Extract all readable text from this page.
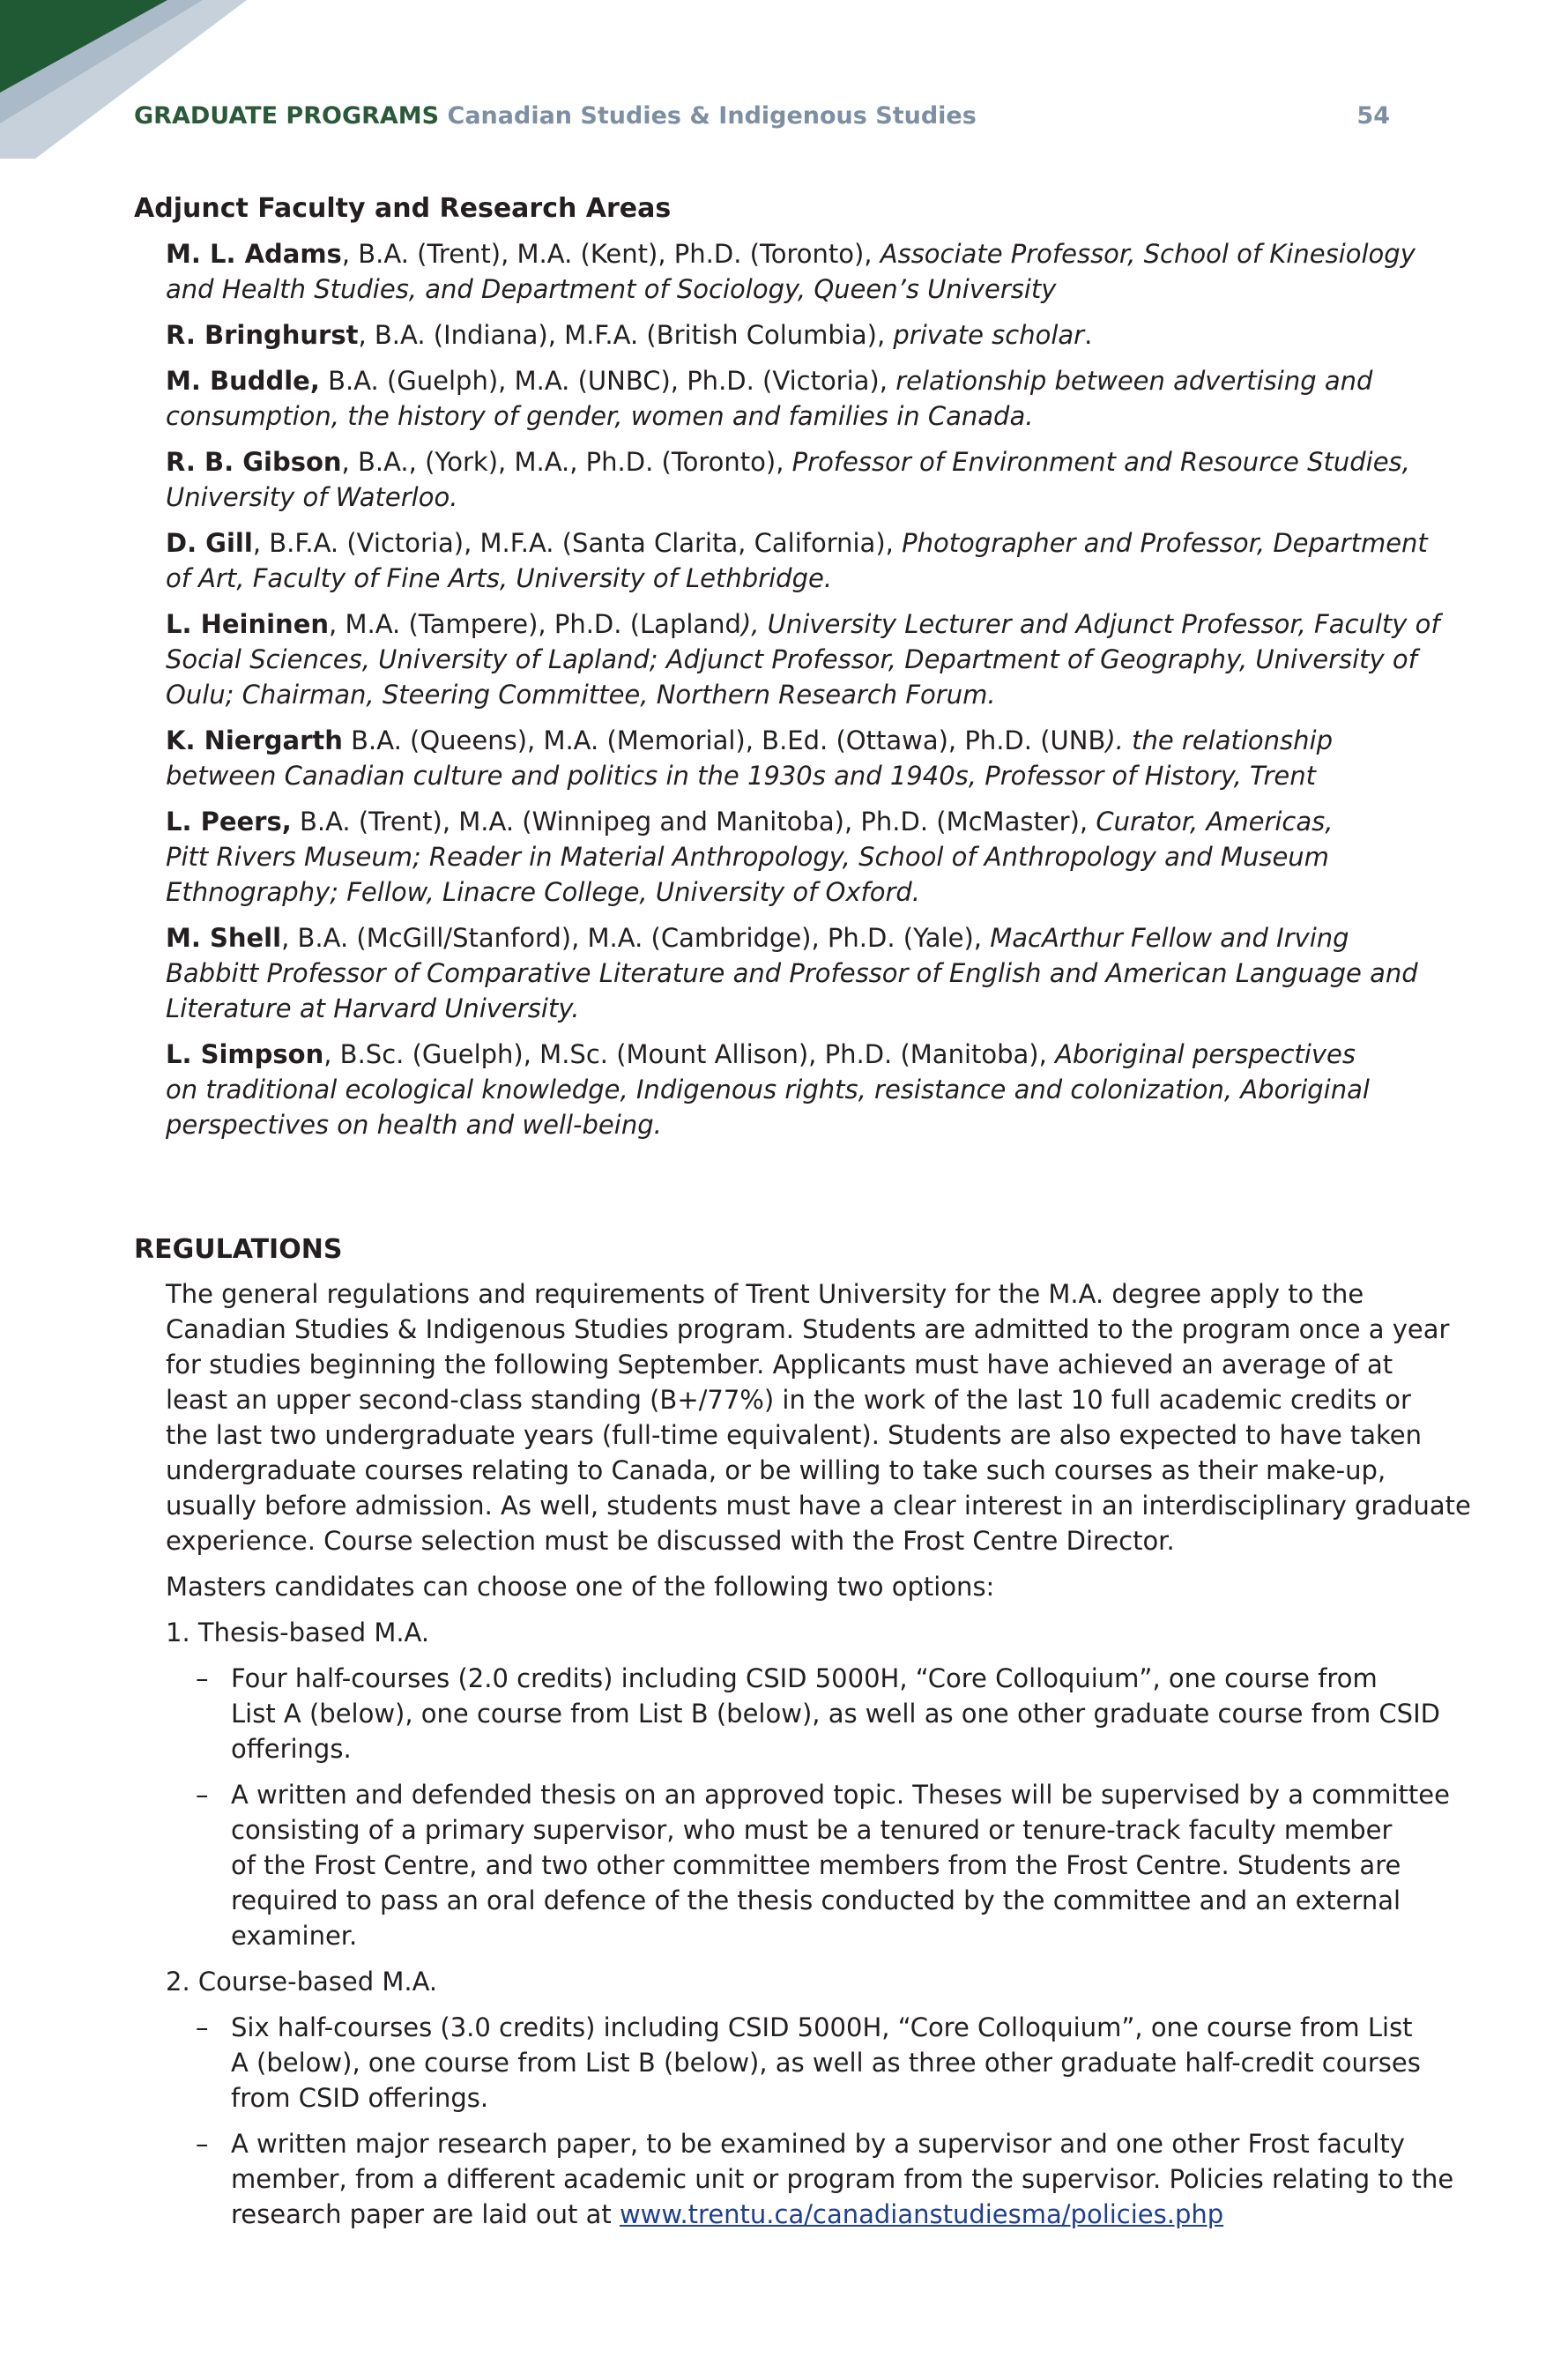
GRADUATE PROGRAMS Canadian Studies & Indigenous Studies	54
Adjunct Faculty and Research Areas
M. L. Adams, B.A. (Trent), M.A. (Kent), Ph.D. (Toronto), Associate Professor, School of Kinesiology
and Health Studies, and Department of Sociology, Queen’s University
R. Bringhurst, B.A. (Indiana), M.F.A. (British Columbia), private scholar.
M. Buddle, B.A. (Guelph), M.A. (UNBC), Ph.D. (Victoria), relationship between advertising and
consumption, the history of gender, women and families in Canada.
R. B. Gibson, B.A., (York), M.A., Ph.D. (Toronto), Professor of Environment and Resource Studies,
University of Waterloo.
D. Gill, B.F.A. (Victoria), M.F.A. (Santa Clarita, California), Photographer and Professor, Department
of Art, Faculty of Fine Arts, University of Lethbridge.
L. Heininen, M.A. (Tampere), Ph.D. (Lapland), University Lecturer and Adjunct Professor, Faculty of
Social Sciences, University of Lapland; Adjunct Professor, Department of Geography, University of
Oulu; Chairman, Steering Committee, Northern Research Forum.
K. Niergarth B.A. (Queens), M.A. (Memorial), B.Ed. (Ottawa), Ph.D. (UNB). the relationship
between Canadian culture and politics in the 1930s and 1940s, Professor of History, Trent
L. Peers, B.A. (Trent), M.A. (Winnipeg and Manitoba), Ph.D. (McMaster), Curator, Americas,
Pitt Rivers Museum; Reader in Material Anthropology, School of Anthropology and Museum
Ethnography; Fellow, Linacre College, University of Oxford.
M. Shell, B.A. (McGill/Stanford), M.A. (Cambridge), Ph.D. (Yale), MacArthur Fellow and Irving
Babbitt Professor of Comparative Literature and Professor of English and American Language and
Literature at Harvard University.
L. Simpson, B.Sc. (Guelph), M.Sc. (Mount Allison), Ph.D. (Manitoba), Aboriginal perspectives
on traditional ecological knowledge, Indigenous rights, resistance and colonization, Aboriginal
perspectives on health and well-being.
REGULATIONS
The general regulations and requirements of Trent University for the M.A. degree apply to the
Canadian Studies & Indigenous Studies program. Students are admitted to the program once a year
for studies beginning the following September. Applicants must have achieved an average of at
least an upper second-class standing (B+/77%) in the work of the last 10 full academic credits or
the last two undergraduate years (full-time equivalent). Students are also expected to have taken
undergraduate courses relating to Canada, or be willing to take such courses as their make-up,
usually before admission. As well, students must have a clear interest in an interdisciplinary graduate
experience. Course selection must be discussed with the Frost Centre Director.
Masters candidates can choose one of the following two options:
1. Thesis-based M.A.
– Four half-courses (2.0 credits) including CSID 5000H, “Core Colloquium”, one course from
List A (below), one course from List B (below), as well as one other graduate course from CSID
offerings.
– A written and defended thesis on an approved topic. Theses will be supervised by a committee
consisting of a primary supervisor, who must be a tenured or tenure-track faculty member
of the Frost Centre, and two other committee members from the Frost Centre. Students are
required to pass an oral defence of the thesis conducted by the committee and an external
examiner.
2. Course-based M.A.
– Six half-courses (3.0 credits) including CSID 5000H, “Core Colloquium”, one course from List
A (below), one course from List B (below), as well as three other graduate half-credit courses
from CSID offerings.
– A written major research paper, to be examined by a supervisor and one other Frost faculty
member, from a different academic unit or program from the supervisor. Policies relating to the
research paper are laid out at www.trentu.ca/canadianstudiesma/policies.php
